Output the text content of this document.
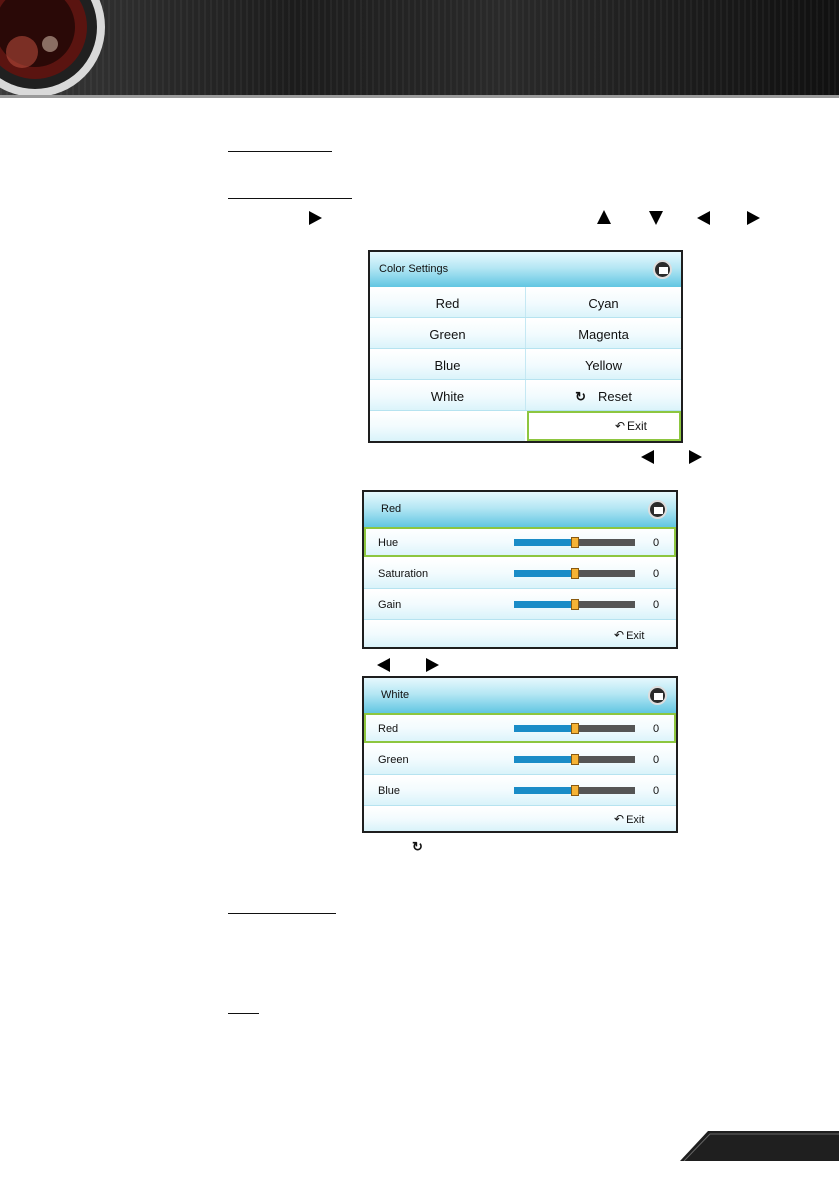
Color Settings
Red	Cyan
Green	Magenta
Blue	Yellow
White	↻ Reset
↶ Exit
Red
Hue	0
Saturation	0
Gain	0
↶ Exit
White
Red	0
Green	0
Blue	0
↶ Exit
↻
